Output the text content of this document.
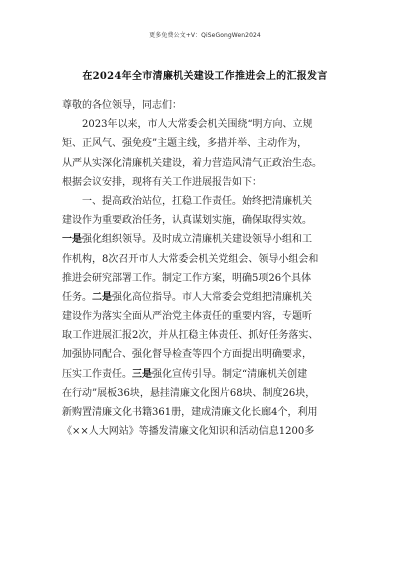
更多免费公文+V：QiSeGongWen2024
在2024年全市清廉机关建设工作推进会上的汇报发言
尊敬的各位领导，同志们：
2023年以来，市人大常委会机关围绕“明方向、立规
矩、正风气、强免疫”主题主线，多措并举、主动作为，
从严从实深化清廉机关建设，着力营造风清气正政治生态。
根据会议安排，现将有关工作进展报告如下：
一、提高政治站位，扛稳工作责任。始终把清廉机关
建设作为重要政治任务，认真谋划实施，确保取得实效。
一是强化组织领导。及时成立清廉机关建设领导小组和工
作机构，8次召开市人大常委会机关党组会、领导小组会和
推进会研究部署工作。制定工作方案，明确5项26个具体
任务。二是强化高位指导。市人大常委会党组把清廉机关
建设作为落实全面从严治党主体责任的重要内容，专题听
取工作进展汇报2次，并从扛稳主体责任、抓好任务落实、
加强协同配合、强化督导检查等四个方面提出明确要求，
压实工作责任。三是强化宣传引导。制定“清廉机关创建
在行动”展板36块，悬挂清廉文化图片68块、制度26块，
新购置清廉文化书籍361册，建成清廉文化长廊4个，利用
《××人大网站》等播发清廉文化知识和活动信息1200多
